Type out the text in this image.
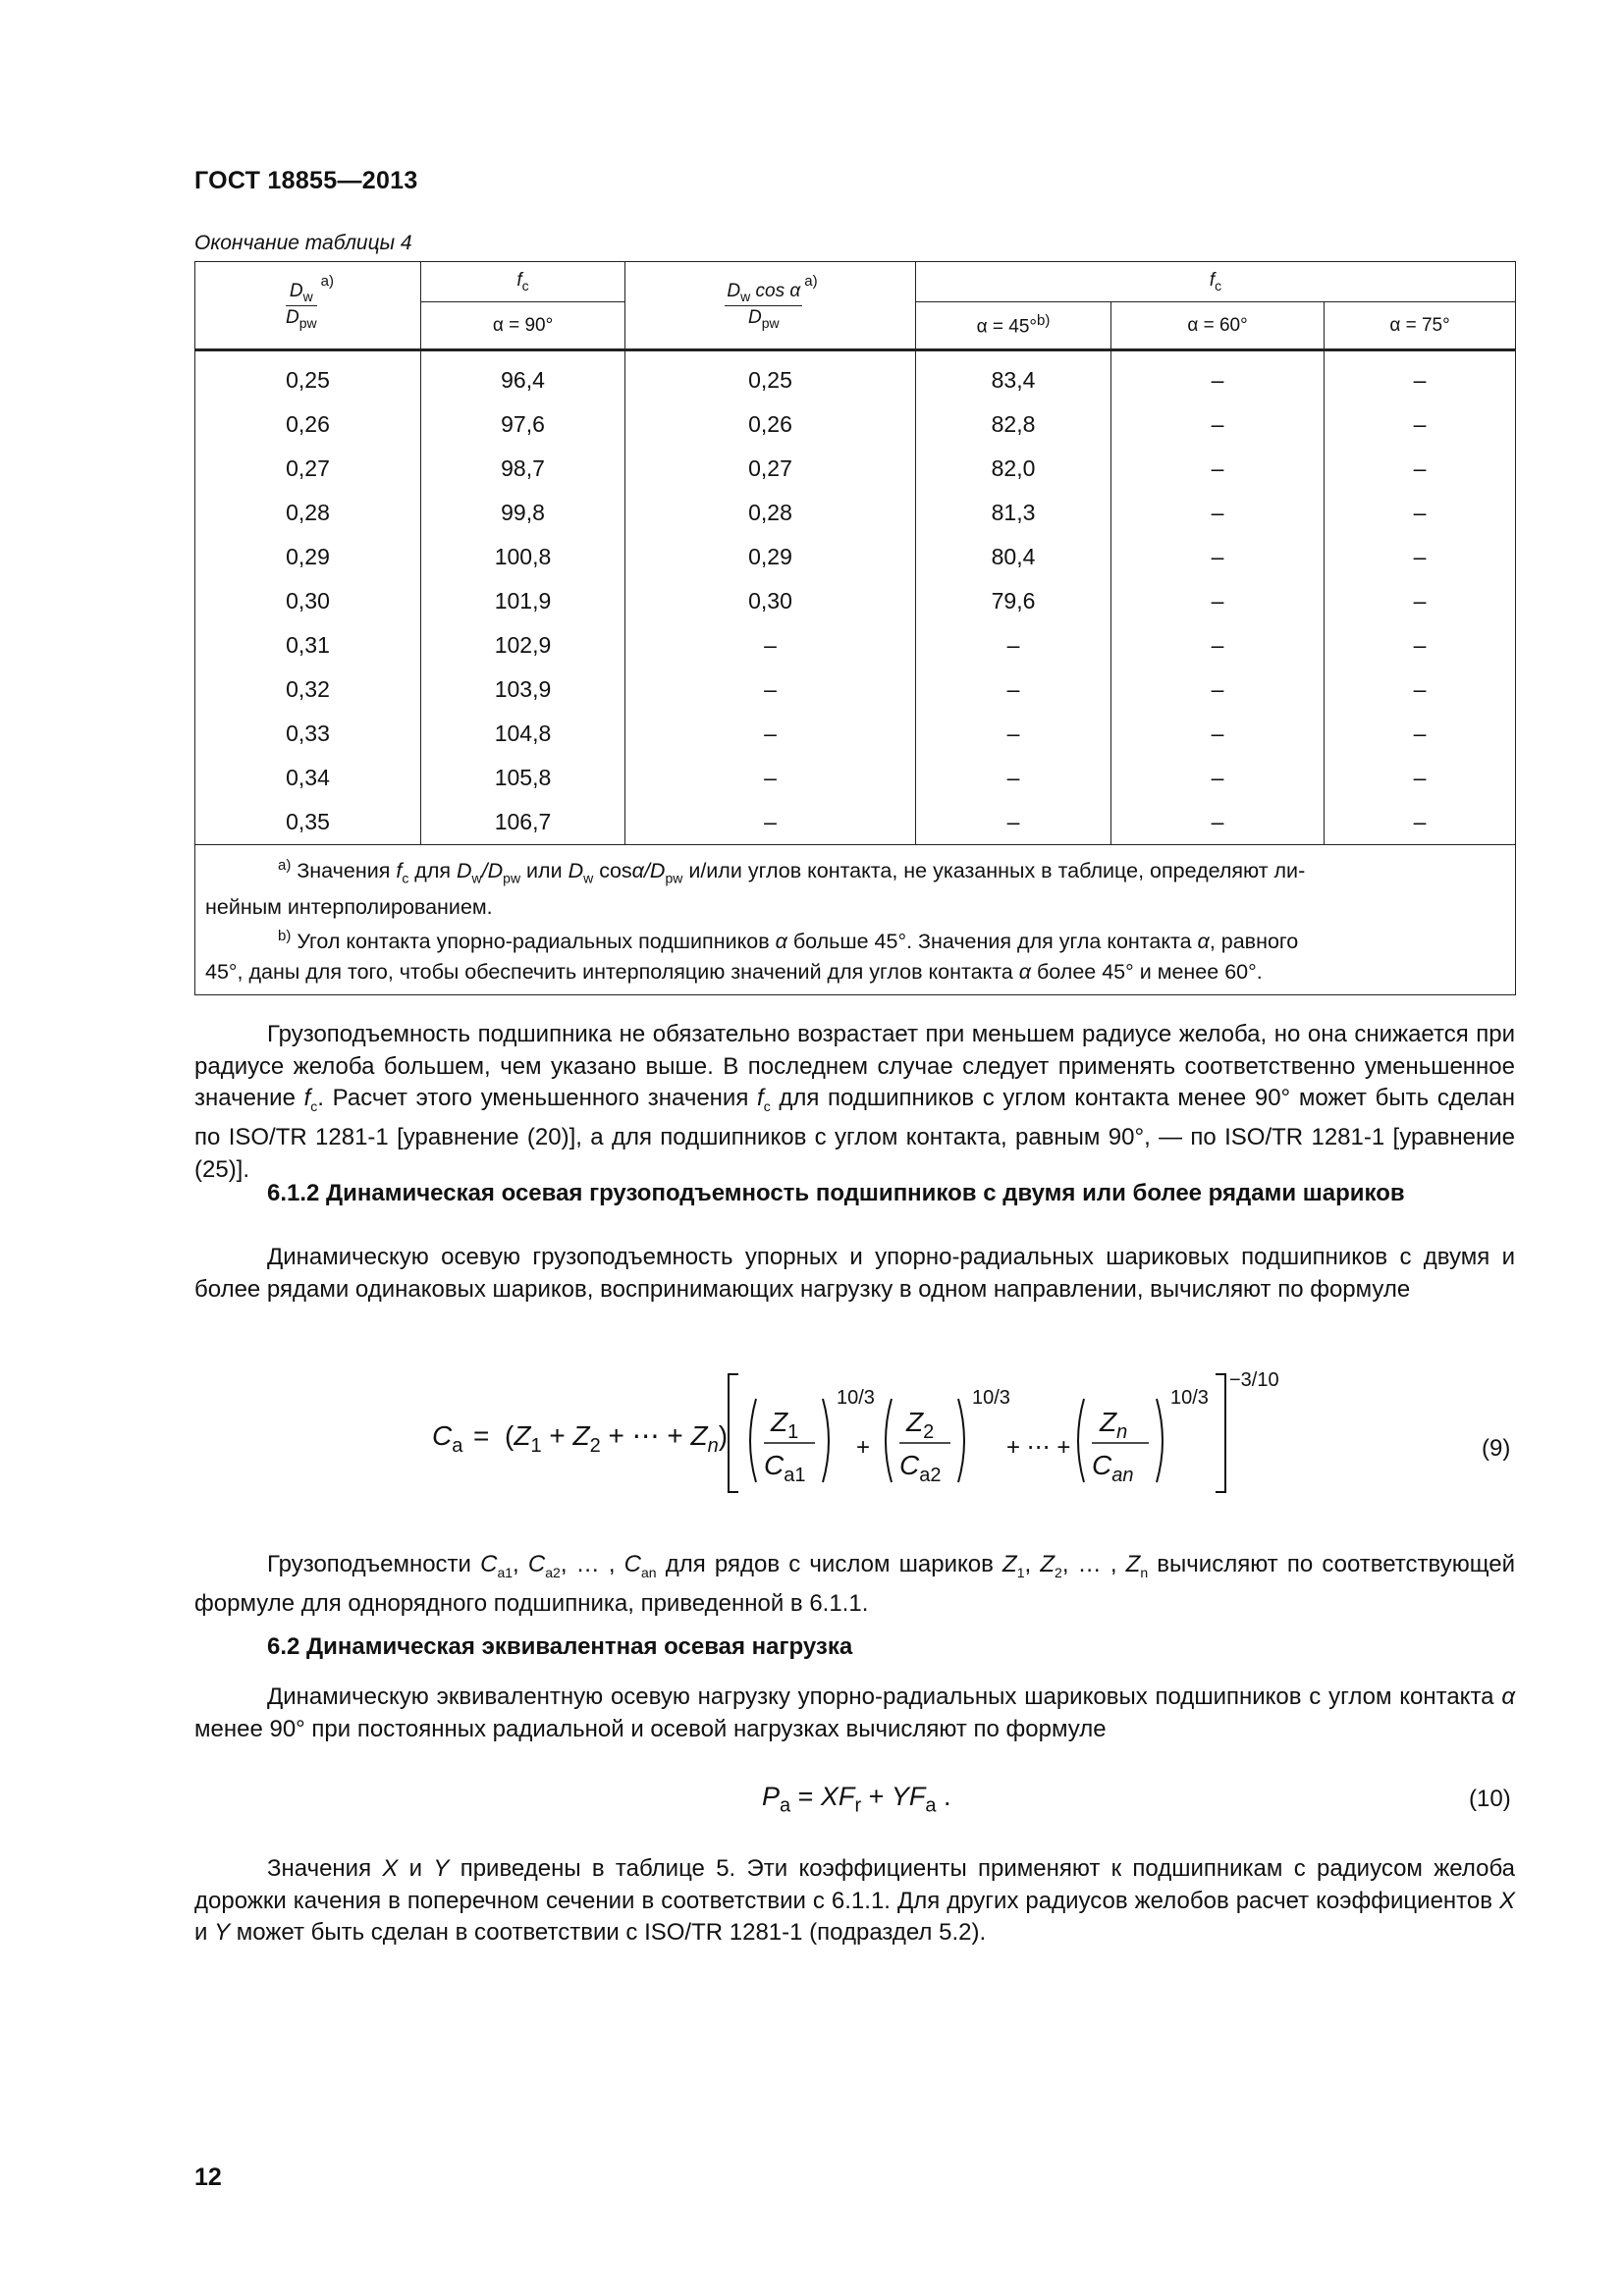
ГОСТ 18855—2013
Окончание таблицы 4
$\frac{D_w}{D_{pw}} ^{a)}$	$f_c$	$\frac{D_w \cos \alpha}{D_{pw}} ^{a)}$	$f_c$
	α = 90°		α = 45°$^{b)}$	α = 60°	α = 75°
0,25	96,4	0,25	83,4	–	–
0,26	97,6	0,26	82,8	–	–
0,27	98,7	0,27	82,0	–	–
0,28	99,8	0,28	81,3	–	–
0,29	100,8	0,29	80,4	–	–
0,30	101,9	0,30	79,6	–	–
0,31	102,9	–	–	–	–
0,32	103,9	–	–	–	–
0,33	104,8	–	–	–	–
0,34	105,8	–	–	–	–
0,35	106,7	–	–	–	–

$^{a)}$ Значения $f_c$ для $D_w/D_{pw}$ или $D_w$ cosα/$D_{pw}$ и/или углов контакта, не указанных в таблице, определяют ли-
нейным интерполированием.
$^{b)}$ Угол контакта упорно-радиальных подшипников α больше 45°. Значения для угла контакта α, равного
45°, даны для того, чтобы обеспечить интерполяцию значений для углов контакта α более 45° и менее 60°.					
Грузоподъемность подшипника не обязательно возрастает при меньшем радиусе желоба, но она снижается при радиусе желоба большем, чем указано выше. В последнем случае следует применять соответственно уменьшенное значение $f_c$. Расчет этого уменьшенного значения $f_c$ для подшипников с углом контакта менее 90° может быть сделан по ISO/TR 1281-1 [уравнение (20)], а для подшипников с углом контакта, равным 90°, — по ISO/TR 1281-1 [уравнение (25)].
6.1.2 Динамическая осевая грузоподъемность подшипников с двумя или более рядами шариков
Динамическую осевую грузоподъемность упорных и упорно-радиальных шариковых подшипников с двумя и более рядами одинаковых шариков, воспринимающих нагрузку в одном направлении, вычисляют по формуле
$C_a = (Z_1 + Z_2$ + ⋯ + $Z_n$) $Z_1$
$C_{a1}$
10/3
+
$Z_2$
$C_{a2}$
10/3
+ ⋯ +
$Z_n$
$C_{an}$
10/3
−3/10
(9)
Грузоподъемности $C_{a1}$, $C_{a2}$, … , $C_{an}$ для рядов с числом шариков $Z_1$, $Z_2$, … , $Z_n$ вычисляют по соответствующей формуле для однорядного подшипника, приведенной в 6.1.1.
6.2 Динамическая эквивалентная осевая нагрузка
Динамическую эквивалентную осевую нагрузку упорно-радиальных шариковых подшипников с углом контакта α менее 90° при постоянных радиальной и осевой нагрузках вычисляют по формуле
$P_a = XF_r + YF_a$ .	(10)
Значения X и Y приведены в таблице 5. Эти коэффициенты применяют к подшипникам с радиусом желоба дорожки качения в поперечном сечении в соответствии с 6.1.1. Для других радиусов желобов расчет коэффициентов X и Y может быть сделан в соответствии с ISO/TR 1281-1 (подраздел 5.2).
12
